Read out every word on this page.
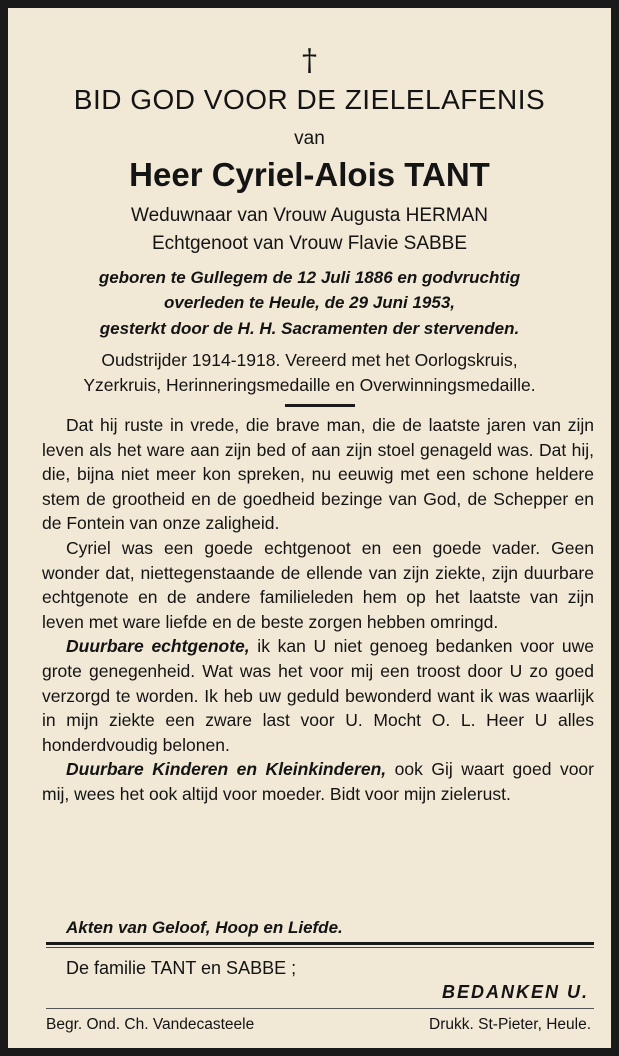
†
BID GOD VOOR DE ZIELELAFENIS
van
Heer Cyriel-Alois TANT
Weduwnaar van Vrouw Augusta HERMAN
Echtgenoot van Vrouw Flavie SABBE
geboren te Gullegem de 12 Juli 1886 en godvruchtig
overleden te Heule, de 29 Juni 1953,
gesterkt door de H. H. Sacramenten der stervenden.
Oudstrijder 1914-1918. Vereerd met het Oorlogskruis,
Yzerkruis, Herinneringsmedaille en Overwinningsmedaille.

Dat hij ruste in vrede, die brave man, die de laatste jaren van zijn leven als het ware aan zijn bed of aan zijn stoel genageld was. Dat hij, die, bijna niet meer kon spreken, nu eeuwig met een schone heldere stem de grootheid en de goedheid bezinge van God, de Schepper en de Fontein van onze zaligheid.

Cyriel was een goede echtgenoot en een goede vader. Geen wonder dat, niettegenstaande de ellende van zijn ziekte, zijn duurbare echtgenote en de andere familieleden hem op het laatste van zijn leven met ware liefde en de beste zorgen hebben omringd.

Duurbare echtgenote, ik kan U niet genoeg bedanken voor uwe grote genegenheid. Wat was het voor mij een troost door U zo goed verzorgd te worden. Ik heb uw geduld bewonderd want ik was waarlijk in mijn ziekte een zware last voor U. Mocht O. L. Heer U alles honderdvoudig belonen.

Duurbare Kinderen en Kleinkinderen, ook Gij waart goed voor mij, wees het ook altijd voor moeder. Bidt voor mijn zielerust.

Akten van Geloof, Hoop en Liefde.
De familie TANT en SABBE ;
BEDANKEN U.
Begr. Ond. Ch. Vandecasteele	Drukk. St-Pieter, Heule.
